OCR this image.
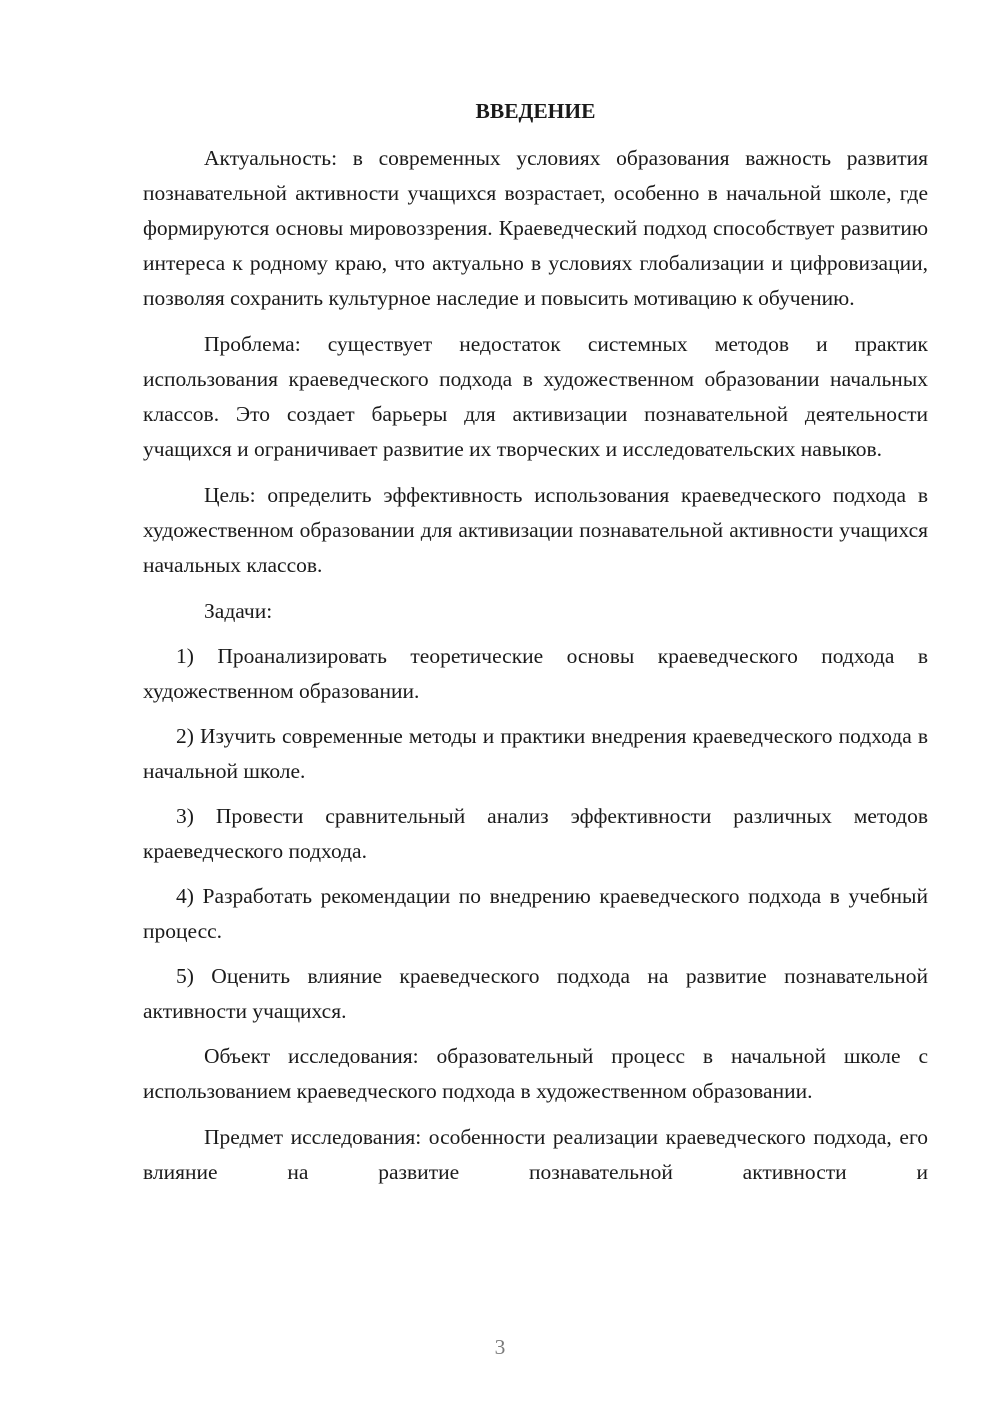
ВВЕДЕНИЕ

Актуальность: в современных условиях образования важность развития познавательной активности учащихся возрастает, особенно в начальной школе, где формируются основы мировоззрения. Краеведческий подход способствует развитию интереса к родному краю, что актуально в условиях глобализации и цифровизации, позволяя сохранить культурное наследие и повысить мотивацию к обучению.

Проблема: существует недостаток системных методов и практик использования краеведческого подхода в художественном образовании начальных классов. Это создает барьеры для активизации познавательной деятельности учащихся и ограничивает развитие их творческих и исследовательских навыков.

Цель: определить эффективность использования краеведческого подхода в художественном образовании для активизации познавательной активности учащихся начальных классов.

Задачи:

1) Проанализировать теоретические основы краеведческого подхода в художественном образовании.

2) Изучить современные методы и практики внедрения краеведческого подхода в начальной школе.

3) Провести сравнительный анализ эффективности различных методов краеведческого подхода.

4) Разработать рекомендации по внедрению краеведческого подхода в учебный процесс.

5) Оценить влияние краеведческого подхода на развитие познавательной активности учащихся.

Объект исследования: образовательный процесс в начальной школе с использованием краеведческого подхода в художественном образовании.

Предмет исследования: особенности реализации краеведческого подхода, его влияние на развитие познавательной активности и

3
